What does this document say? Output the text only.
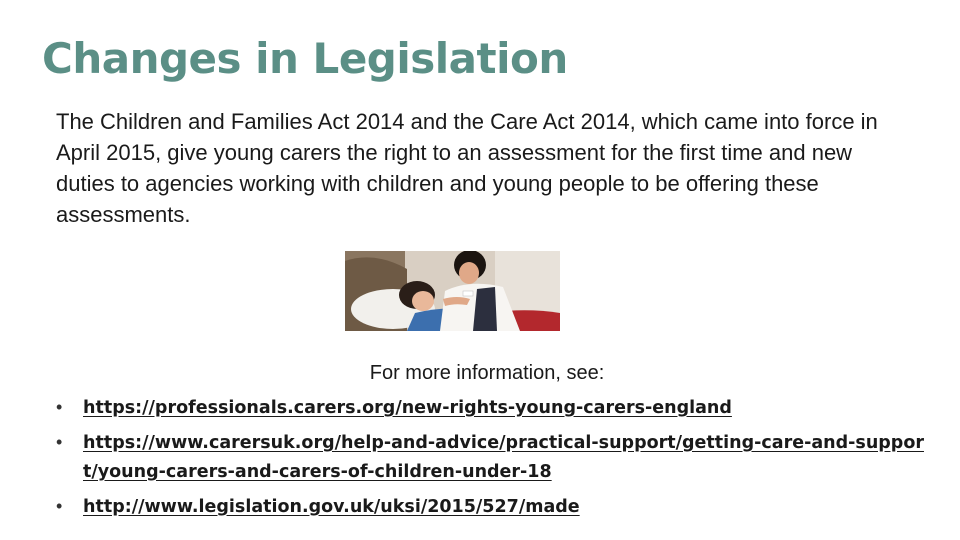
Changes in Legislation

The Children and Families Act 2014 and the Care Act 2014, which came into force in April 2015, give young carers the right to an assessment for the first time and new duties to agencies working with children and young people to be offering these assessments.

For more information, see:

• https://professionals.carers.org/new-rights-young-carers-england
• https://www.carersuk.org/help-and-advice/practical-support/getting-care-and-support/young-carers-and-carers-of-children-under-18
• http://www.legislation.gov.uk/uksi/2015/527/made
